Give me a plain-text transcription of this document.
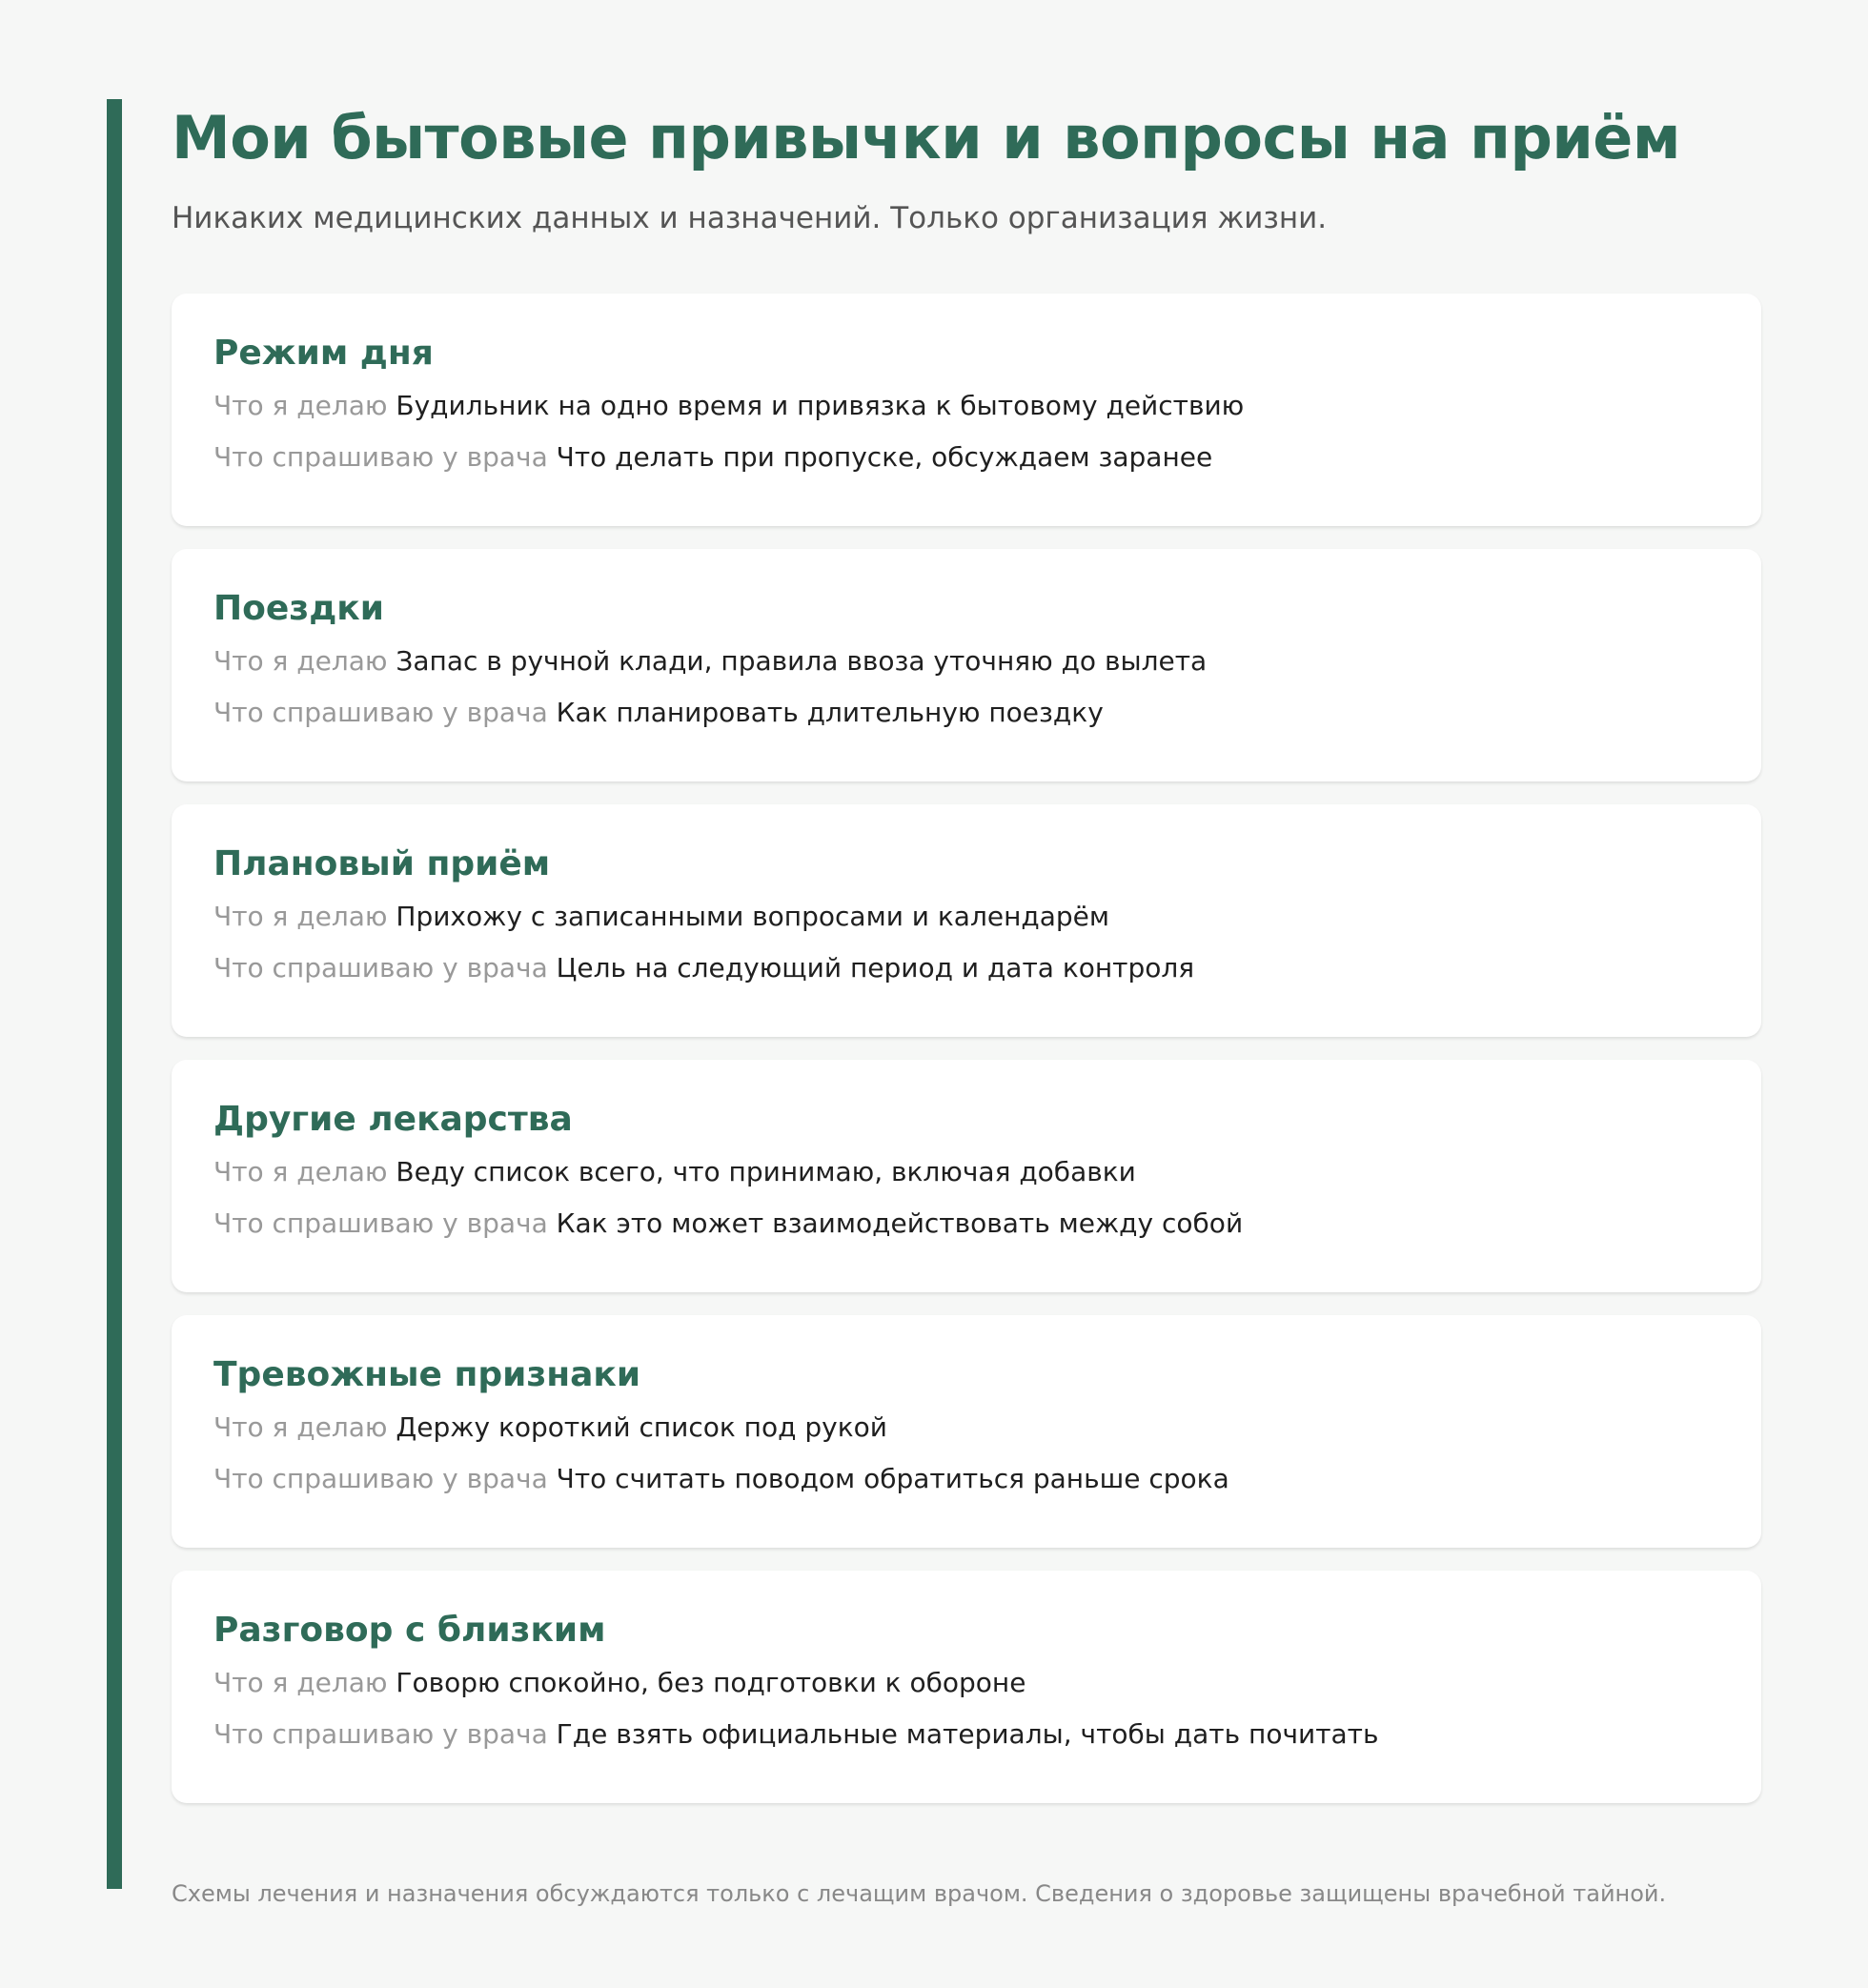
Мои бытовые привычки и вопросы на приём

Никаких медицинских данных и назначений. Только организация жизни.

Режим дня
Что я делаю Будильник на одно время и привязка к бытовому действию
Что спрашиваю у врача Что делать при пропуске, обсуждаем заранее
Поездки
Что я делаю Запас в ручной клади, правила ввоза уточняю до вылета
Что спрашиваю у врача Как планировать длительную поездку
Плановый приём
Что я делаю Прихожу с записанными вопросами и календарём
Что спрашиваю у врача Цель на следующий период и дата контроля
Другие лекарства
Что я делаю Веду список всего, что принимаю, включая добавки
Что спрашиваю у врача Как это может взаимодействовать между собой
Тревожные признаки
Что я делаю Держу короткий список под рукой
Что спрашиваю у врача Что считать поводом обратиться раньше срока
Разговор с близким
Что я делаю Говорю спокойно, без подготовки к обороне
Что спрашиваю у врача Где взять официальные материалы, чтобы дать почитать

Схемы лечения и назначения обсуждаются только с лечащим врачом. Сведения о здоровье защищены врачебной тайной.
